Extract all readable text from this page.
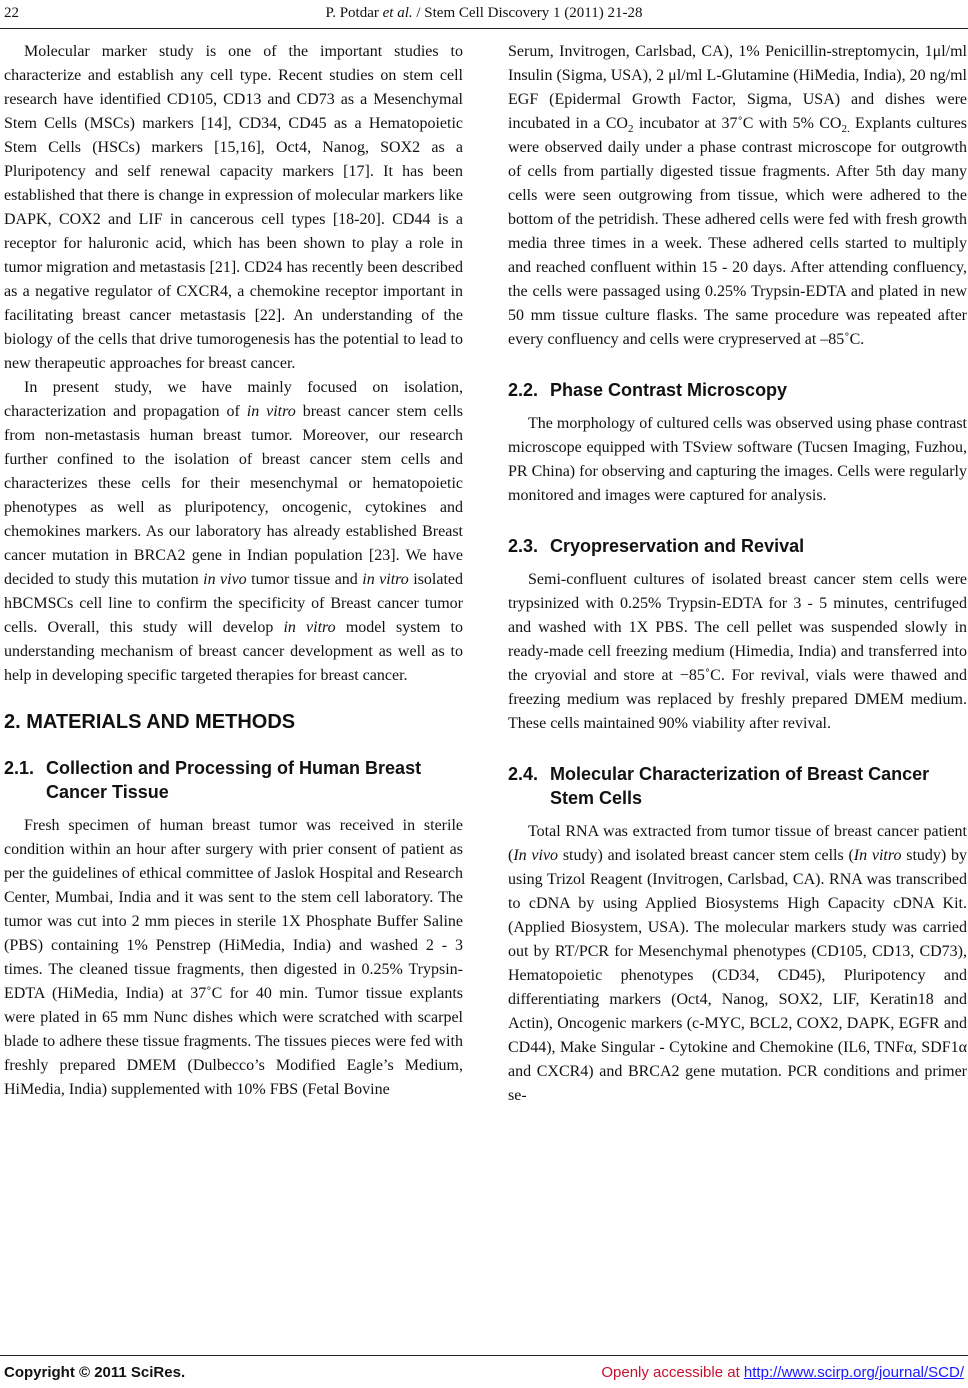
22	P. Potdar et al. / Stem Cell Discovery 1 (2011) 21-28

Molecular marker study is one of the important studies to characterize and establish any cell type. Recent studies on stem cell research have identified CD105, CD13 and CD73 as a Mesenchymal Stem Cells (MSCs) markers [14], CD34, CD45 as a Hematopoietic Stem Cells (HSCs) markers [15,16], Oct4, Nanog, SOX2 as a Pluripotency and self renewal capacity markers [17]. It has been established that there is change in expression of molecular markers like DAPK, COX2 and LIF in cancerous cell types [18-20]. CD44 is a receptor for haluronic acid, which has been shown to play a role in tumor migration and metastasis [21]. CD24 has recently been described as a negative regulator of CXCR4, a chemokine receptor important in facilitating breast cancer metastasis [22]. An understanding of the biology of the cells that drive tumorogenesis has the potential to lead to new therapeutic approaches for breast cancer.

In present study, we have mainly focused on isolation, characterization and propagation of in vitro breast cancer stem cells from non-metastasis human breast tumor. Moreover, our research further confined to the isolation of breast cancer stem cells and characterizes these cells for their mesenchymal or hematopoietic phenotypes as well as pluripotency, oncogenic, cytokines and chemokines markers. As our laboratory has already established Breast cancer mutation in BRCA2 gene in Indian population [23]. We have decided to study this mutation in vivo tumor tissue and in vitro isolated hBCMSCs cell line to confirm the specificity of Breast cancer tumor cells. Overall, this study will develop in vitro model system to understanding mechanism of breast cancer development as well as to help in developing specific targeted therapies for breast cancer.

2. MATERIALS AND METHODS
2.1. Collection and Processing of Human Breast Cancer Tissue

Fresh specimen of human breast tumor was received in sterile condition within an hour after surgery with prier consent of patient as per the guidelines of ethical committee of Jaslok Hospital and Research Center, Mumbai, India and it was sent to the stem cell laboratory. The tumor was cut into 2 mm pieces in sterile 1X Phosphate Buffer Saline (PBS) containing 1% Penstrep (HiMedia, India) and washed 2 - 3 times. The cleaned tissue fragments, then digested in 0.25% Trypsin-EDTA (HiMedia, India) at 37˚C for 40 min. Tumor tissue explants were plated in 65 mm Nunc dishes which were scratched with scarpel blade to adhere these tissue fragments. The tissues pieces were fed with freshly prepared DMEM (Dulbecco’s Modified Eagle’s Medium, HiMedia, India) supplemented with 10% FBS (Fetal Bovine

Serum, Invitrogen, Carlsbad, CA), 1% Penicillin-streptomycin, 1μl/ml Insulin (Sigma, USA), 2 μl/ml L-Glutamine (HiMedia, India), 20 ng/ml EGF (Epidermal Growth Factor, Sigma, USA) and dishes were incubated in a $CO_2$ incubator at 37˚C with 5% $CO_{2.}$ Explants cultures were observed daily under a phase contrast microscope for outgrowth of cells from partially digested tissue fragments. After 5th day many cells were seen outgrowing from tissue, which were adhered to the bottom of the petridish. These adhered cells were fed with fresh growth media three times in a week. These adhered cells started to multiply and reached confluent within 15 - 20 days. After attending confluency, the cells were passaged using 0.25% Trypsin-EDTA and plated in new 50 mm tissue culture flasks. The same procedure was repeated after every confluency and cells were crypreserved at –85˚C.

2.2. Phase Contrast Microscopy

The morphology of cultured cells was observed using phase contrast microscope equipped with TSview software (Tucsen Imaging, Fuzhou, PR China) for observing and capturing the images. Cells were regularly monitored and images were captured for analysis.

2.3. Cryopreservation and Revival

Semi-confluent cultures of isolated breast cancer stem cells were trypsinized with 0.25% Trypsin-EDTA for 3 - 5 minutes, centrifuged and washed with 1X PBS. The cell pellet was suspended slowly in ready-made cell freezing medium (Himedia, India) and transferred into the cryovial and store at −85˚C. For revival, vials were thawed and freezing medium was replaced by freshly prepared DMEM medium. These cells maintained 90% viability after revival.

2.4. Molecular Characterization of Breast Cancer Stem Cells

Total RNA was extracted from tumor tissue of breast cancer patient (In vivo study) and isolated breast cancer stem cells (In vitro study) by using Trizol Reagent (Invitrogen, Carlsbad, CA). RNA was transcribed to cDNA by using Applied Biosystems High Capacity cDNA Kit. (Applied Biosystem, USA). The molecular markers study was carried out by RT/PCR for Mesenchymal phenotypes (CD105, CD13, CD73), Hematopoietic phenotypes (CD34, CD45), Pluripotency and differentiating markers (Oct4, Nanog, SOX2, LIF, Keratin18 and Actin), Oncogenic markers (c-MYC, BCL2, COX2, DAPK, EGFR and CD44), Make Singular - Cytokine and Chemokine (IL6, TNFα, SDF1α and CXCR4) and BRCA2 gene mutation. PCR conditions and primer se-

Copyright © 2011 SciRes.	Openly accessible at http://www.scirp.org/journal/SCD/
